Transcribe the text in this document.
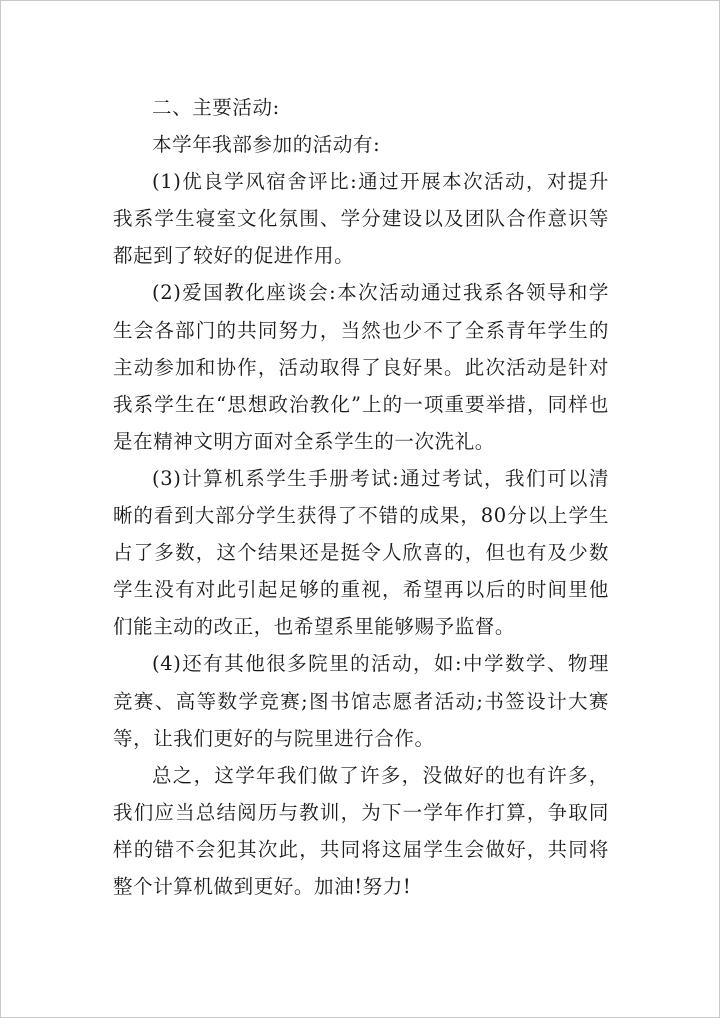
二、主要活动:

本学年我部参加的活动有:

(1)优良学风宿舍评比:通过开展本次活动，对提升我系学生寝室文化氛围、学分建设以及团队合作意识等都起到了较好的促进作用。

(2)爱国教化座谈会:本次活动通过我系各领导和学生会各部门的共同努力，当然也少不了全系青年学生的主动参加和协作，活动取得了良好果。此次活动是针对我系学生在“思想政治教化”上的一项重要举措，同样也是在精神文明方面对全系学生的一次洗礼。

(3)计算机系学生手册考试:通过考试，我们可以清晰的看到大部分学生获得了不错的成果，80分以上学生占了多数，这个结果还是挺令人欣喜的，但也有及少数学生没有对此引起足够的重视，希望再以后的时间里他们能主动的改正，也希望系里能够赐予监督。

(4)还有其他很多院里的活动，如:中学数学、物理竞赛、高等数学竞赛;图书馆志愿者活动;书签设计大赛等，让我们更好的与院里进行合作。

总之，这学年我们做了许多，没做好的也有许多，我们应当总结阅历与教训，为下一学年作打算，争取同样的错不会犯其次此，共同将这届学生会做好，共同将整个计算机做到更好。加油!努力!
